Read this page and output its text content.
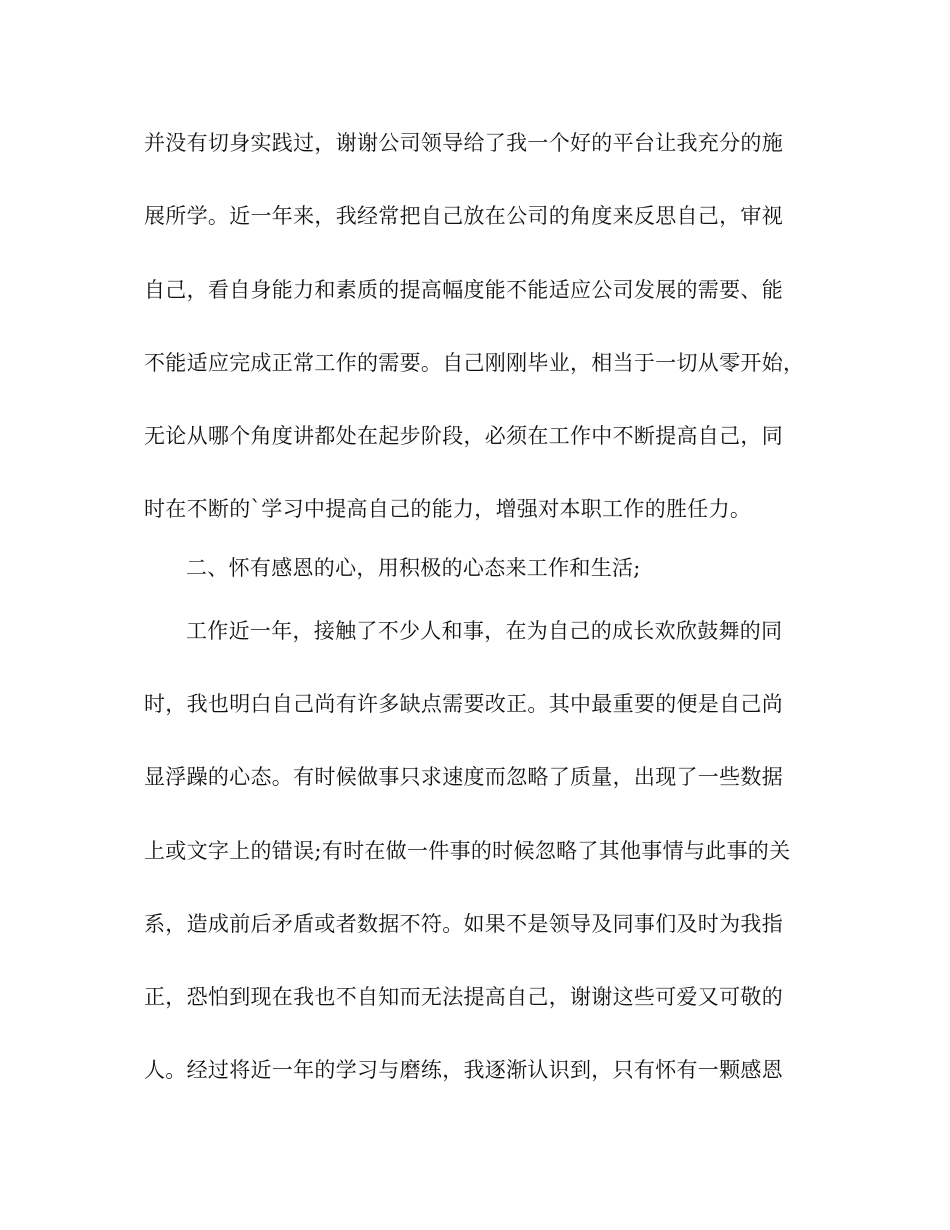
并没有切身实践过，谢谢公司领导给了我一个好的平台让我充分的施
展所学。近一年来，我经常把自己放在公司的角度来反思自己，审视
自己，看自身能力和素质的提高幅度能不能适应公司发展的需要、能
不能适应完成正常工作的需要。自己刚刚毕业，相当于一切从零开始，
无论从哪个角度讲都处在起步阶段，必须在工作中不断提高自己，同
时在不断的`学习中提高自己的能力，增强对本职工作的胜任力。
二、怀有感恩的心，用积极的心态来工作和生活;
工作近一年，接触了不少人和事，在为自己的成长欢欣鼓舞的同
时，我也明白自己尚有许多缺点需要改正。其中最重要的便是自己尚
显浮躁的心态。有时候做事只求速度而忽略了质量，出现了一些数据
上或文字上的错误;有时在做一件事的时候忽略了其他事情与此事的关
系，造成前后矛盾或者数据不符。如果不是领导及同事们及时为我指
正，恐怕到现在我也不自知而无法提高自己，谢谢这些可爱又可敬的
人。经过将近一年的学习与磨练，我逐渐认识到，只有怀有一颗感恩
